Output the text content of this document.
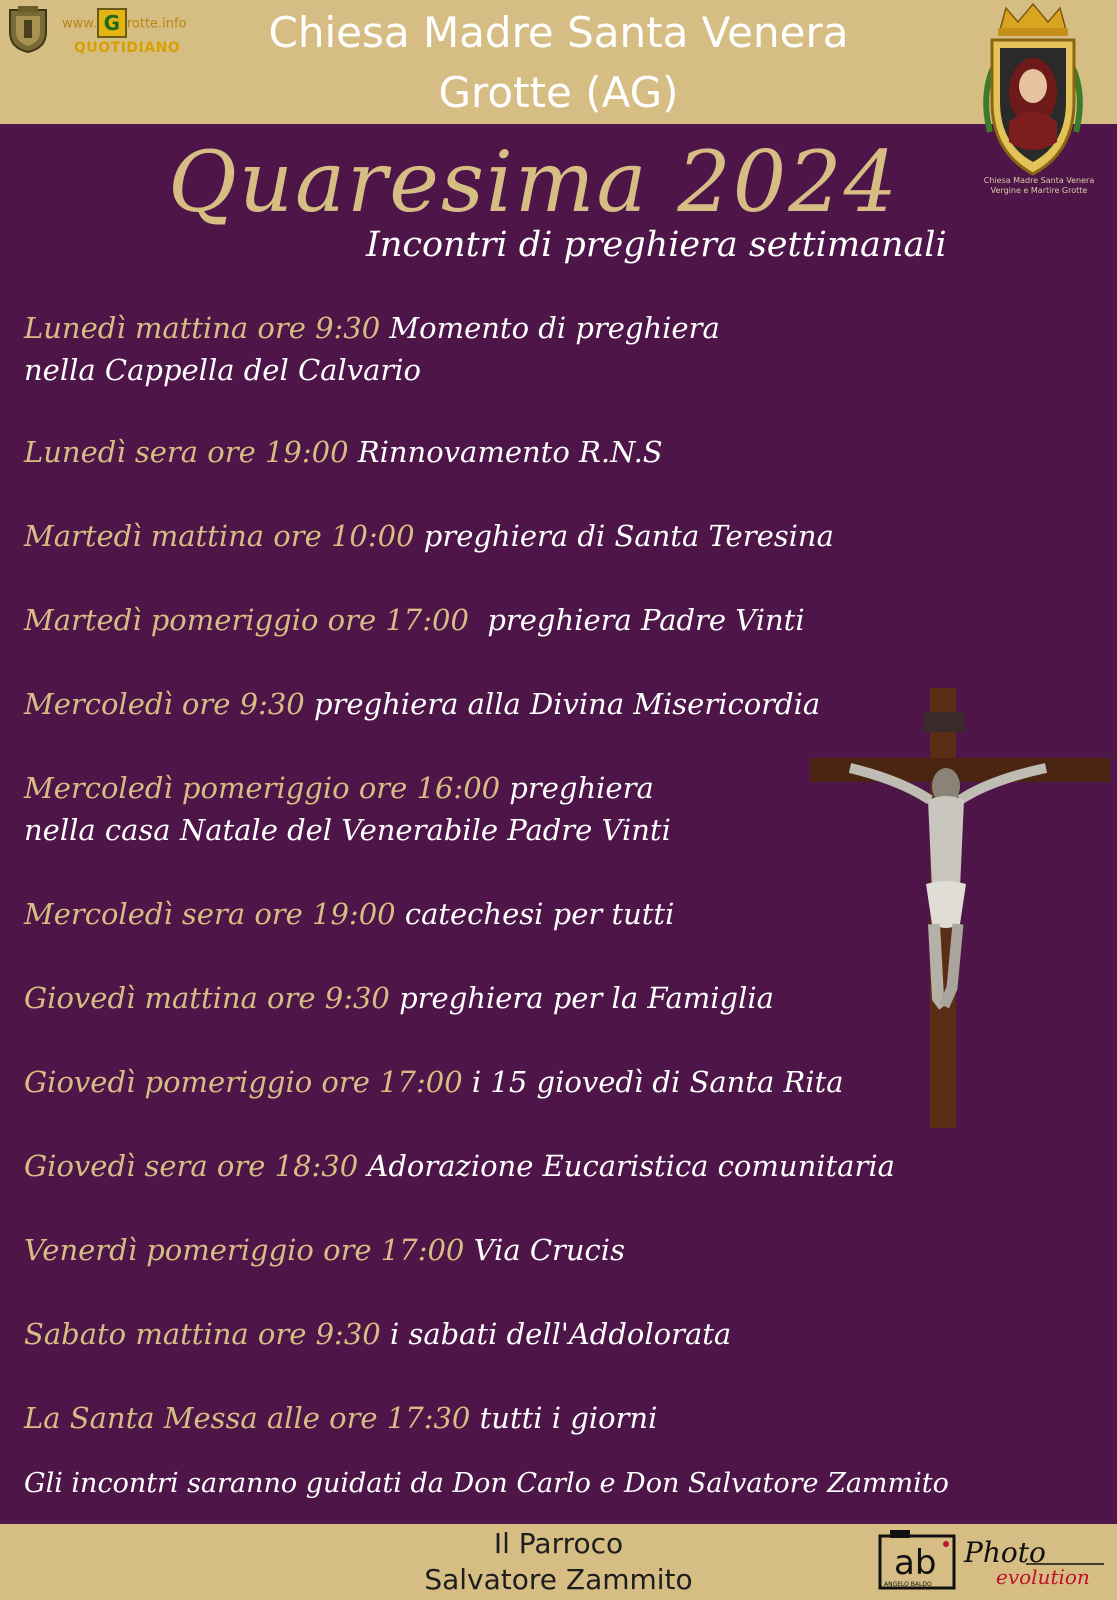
www. G rotte.info
QUOTIDIANO	Chiesa Madre Santa Venera
Grotte (AG)
Chiesa Madre Santa Venera Vergine e Martire Grotte
Quaresima 2024
Incontri di preghiera settimanali
Lunedì mattina ore 9:30 Momento di preghiera
nella Cappella del Calvario
Lunedì sera ore 19:00 Rinnovamento R.N.S
Martedì mattina ore 10:00 preghiera di Santa Teresina
Martedì pomeriggio ore 17:00  preghiera Padre Vinti
Mercoledì ore 9:30 preghiera alla Divina Misericordia
Mercoledì pomeriggio ore 16:00 preghiera
nella casa Natale del Venerabile Padre Vinti
Mercoledì sera ore 19:00 catechesi per tutti
Giovedì mattina ore 9:30 preghiera per la Famiglia
Giovedì pomeriggio ore 17:00 i 15 giovedì di Santa Rita
Giovedì sera ore 18:30 Adorazione Eucaristica comunitaria
Venerdì pomeriggio ore 17:00 Via Crucis
Sabato mattina ore 9:30 i sabati dell'Addolorata
La Santa Messa alle ore 17:30 tutti i giorni
Gli incontri saranno guidati da Don Carlo e Don Salvatore Zammito
Il Parroco
Salvatore Zammito	ab
ANGELO BALDO
Photo
evolution
